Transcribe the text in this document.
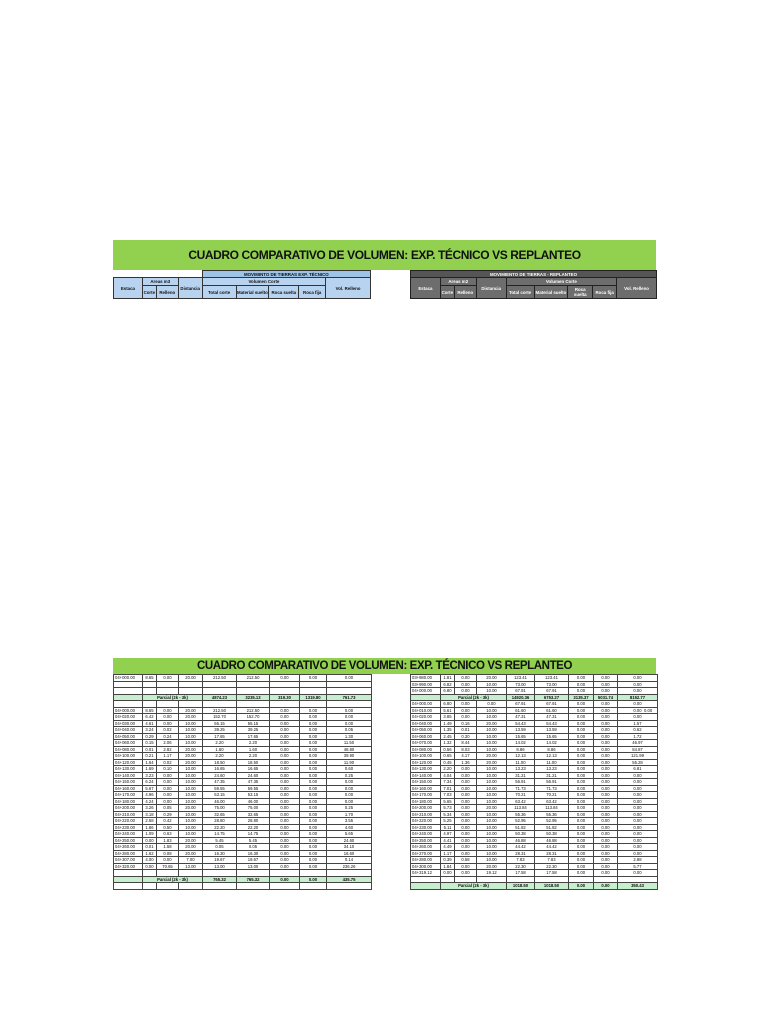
CUADRO COMPARATIVO DE VOLUMEN: EXP. TÉCNICO VS REPLANTEO
				MOVIMINTO DE TIERRAS EXP. TÉCNICO				
Estaca	Areas m3		Distancia	Volumen Corte				Vol. Relleno
	Corte	Relleno		Total corte	Material suelto	Roca suelta	Roca fija	
MOVIMIENTO DE TIERRAS - REPLANTEO								
Estaca	Areas m2		Distancia	Volumen Corte				Vol. Relleno
	Corte	Relleno		Total corte	Material suelto	Roca suelta	Roca fija	
CUADRO COMPARATIVO DE VOLUMEN: EXP. TÉCNICO VS REPLANTEO
04+000.00	8.65	0.00	20.00	212.50	212.50	0.00	0.00	0.00

	Parcial (2k - 3k)			4874.23	3235.13	319.30	1319.80	761.73

04+000.00	8.65	0.00	20.00	212.50	212.50	0.00	0.00	0.00
04+020.00	6.42	0.00	20.00	152.70	152.70	0.00	0.00	0.00
04+030.00	4.61	0.00	10.00	55.15	55.15	0.00	0.00	0.00
04+040.00	3.24	0.02	10.00	39.25	39.25	0.00	0.00	0.05
04+050.00	0.29	0.24	10.00	17.65	17.65	0.00	0.00	1.30
04+060.00	0.15	2.06	10.00	2.20	2.20	0.00	0.00	11.50
04+080.00	0.01	2.82	20.00	1.60	1.60	0.00	0.00	48.80
04+100.00	0.21	1.17	20.00	2.20	2.20	0.00	0.00	39.90
04+120.00	1.64	0.02	20.00	18.50	18.50	0.00	0.00	11.90
04+130.00	1.69	0.10	10.00	16.65	16.65	0.00	0.00	0.60
04+140.00	3.23	0.00	10.00	24.60	24.60	0.00	0.00	0.25
04+150.00	6.24	0.00	10.00	47.35	47.35	0.00	0.00	0.00
04+160.00	5.67	0.00	10.00	59.55	59.55	0.00	0.00	0.00
04+170.00	4.96	0.00	10.00	53.15	53.15	0.00	0.00	0.00
04+180.00	4.24	0.00	10.00	46.00	46.00	0.00	0.00	0.00
04+200.00	3.26	0.05	20.00	75.00	75.00	0.00	0.00	0.25
04+210.00	3.18	0.29	10.00	32.65	32.65	0.00	0.00	1.70
04+220.00	2.58	0.42	10.00	28.80	28.80	0.00	0.00	3.55
04+230.00	1.86	0.50	10.00	22.20	22.20	0.00	0.00	4.60
04+240.00	1.09	0.63	10.00	14.75	14.75	0.00	0.00	5.65
04+250.00	0.00	1.83	20.00	5.45	5.45	0.00	0.00	24.60
04+260.00	0.01	1.58	20.00	0.05	0.05	0.00	0.00	34.10
04+280.00	1.62	0.08	20.00	16.30	16.30	0.00	0.00	16.60
04+307.00	4.00	0.00	7.00	19.67	19.67	0.00	0.00	0.14
04+320.00	0.00	70.65	13.00	13.00	13.00	0.00	0.00	236.26

	Parcial (2k - 3k)			765.32	765.32	0.00	0.00	435.75

03+980.00	1.81	0.00	20.00	123.41	123.41	0.00	0.00	0.00
03+990.00	6.82	0.00	10.00	73.00	73.00	0.00	0.00	0.00
04+000.00	6.80	0.00	10.00	67.91	67.91	0.00	0.00	0.00
	Parcial (2k - 3k)			14920.36	6753.27	3135.37	5031.74	8152.77
04+000.00	6.80	0.00	0.00	67.91	67.91	0.00	0.00	0.00
04+010.00	5.61	0.00	10.00	61.60	61.60	0.00	0.00	0.00
04+020.00	3.85	0.00	10.00	47.31	47.31	0.00	0.00	0.00
04+040.00	1.49	0.16	20.00	54.43	54.43	0.00	0.00	1.57
04+050.00	1.35	0.01	10.00	13.59	13.59	0.00	0.00	0.62
04+060.00	2.45	0.30	10.00	15.65	15.65	0.00	0.00	1.72
04+070.00	1.32	8.44	10.00	14.02	14.02	0.00	0.00	46.97
04+080.00	0.56	8.03	10.00	8.86	8.86	0.00	0.00	84.87
04+100.00	0.65	4.17	20.00	12.13	12.13	0.00	0.00	121.99
04+120.00	0.45	1.36	20.00	11.00	11.00	0.00	0.00	55.28
04+130.00	2.20	0.00	10.00	13.23	13.23	0.00	0.00	6.81
04+140.00	4.04	0.00	10.00	31.21	31.21	0.00	0.00	0.00
04+150.00	7.34	0.00	10.00	56.91	56.91	0.00	0.00	0.00
04+160.00	7.01	0.00	10.00	71.73	71.73	0.00	0.00	0.00
04+170.00	7.03	0.00	10.00	70.21	70.21	0.00	0.00	0.00
04+180.00	5.65	0.00	10.00	63.42	63.42	0.00	0.00	0.00
04+200.00	5.73	0.00	20.00	113.84	113.84	0.00	0.00	0.00
04+210.00	5.34	0.00	10.00	55.36	55.36	0.00	0.00	0.00
04+220.00	5.25	0.00	10.00	52.95	52.95	0.00	0.00	0.00
04+230.00	5.11	0.00	10.00	51.82	51.82	0.00	0.00	0.00
04+240.00	4.97	0.00	10.00	50.38	50.38	0.00	0.00	0.00
04+250.00	4.41	0.00	10.00	46.88	46.88	0.00	0.00	0.00
04+260.00	4.49	0.00	10.00	44.42	44.42	0.00	0.00	0.00
04+270.00	1.17	0.00	10.00	28.31	28.31	0.00	0.00	0.00
04+280.00	0.39	0.58	10.00	7.83	7.83	0.00	0.00	2.88
04+300.00	1.84	0.00	20.00	22.30	22.30	0.00	0.00	5.77
04+319.12	0.00	0.00	19.12	17.58	17.58	0.00	0.00	0.00

	Parcial (2k - 3k)			1018.50	1018.50	0.00	0.00	350.43
0.00
